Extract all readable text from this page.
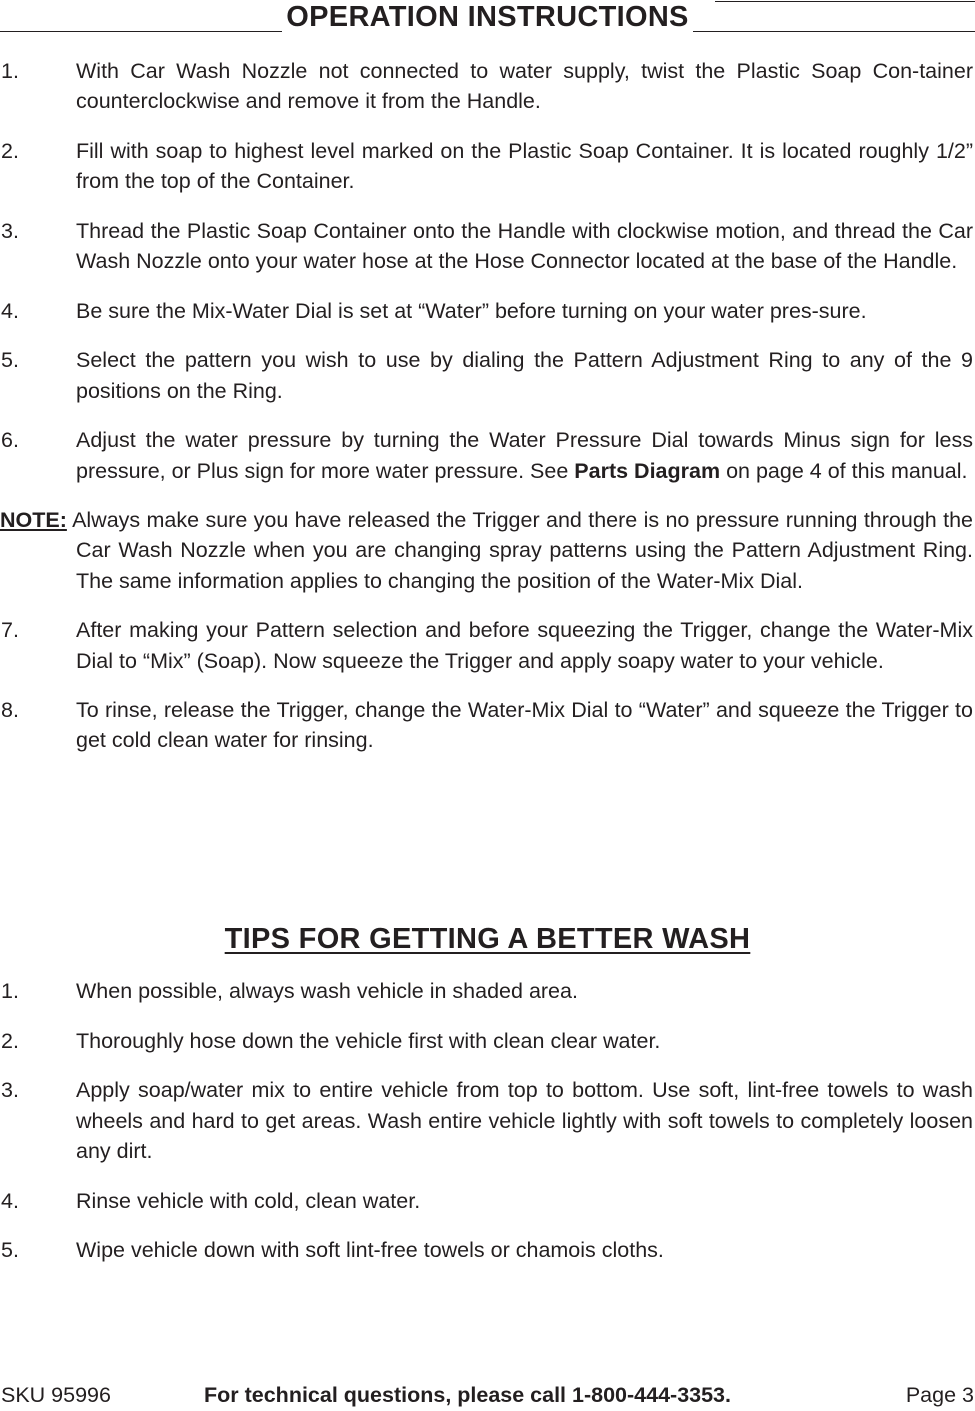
OPERATION INSTRUCTIONS
1.	With Car Wash Nozzle not connected to water supply, twist the Plastic Soap Con-tainer counterclockwise and remove it from the Handle.
2.	Fill with soap to highest level marked on the Plastic Soap Container. It is located roughly 1/2” from the top of the Container.
3.	Thread the Plastic Soap Container onto the Handle with clockwise motion, and thread the Car Wash Nozzle onto your water hose at the Hose Connector located at the base of the Handle.
4.	Be sure the Mix-Water Dial is set at “Water” before turning on your water pres-sure.
5.	Select the pattern you wish to use by dialing the Pattern Adjustment Ring to any of the 9 positions on the Ring.
6.	Adjust the water pressure by turning the Water Pressure Dial towards Minus sign for less pressure, or Plus sign for more water pressure. See Parts Diagram on page 4 of this manual.
NOTE: Always make sure you have released the Trigger and there is no pressure running through the Car Wash Nozzle when you are changing spray patterns using the Pattern Adjustment Ring. The same information applies to changing the position of the Water-Mix Dial.
7.	After making your Pattern selection and before squeezing the Trigger, change the Water-Mix Dial to “Mix” (Soap). Now squeeze the Trigger and apply soapy water to your vehicle.
8.	To rinse, release the Trigger, change the Water-Mix Dial to “Water” and squeeze the Trigger to get cold clean water for rinsing.
TIPS FOR GETTING A BETTER WASH
1.	When possible, always wash vehicle in shaded area.
2.	Thoroughly hose down the vehicle first with clean clear water.
3.	Apply soap/water mix to entire vehicle from top to bottom. Use soft, lint-free towels to wash wheels and hard to get areas. Wash entire vehicle lightly with soft towels to completely loosen any dirt.
4.	Rinse vehicle with cold, clean water.
5.	Wipe vehicle down with soft lint-free towels or chamois cloths.
SKU 95996	For technical questions, please call 1-800-444-3353.	Page 3
